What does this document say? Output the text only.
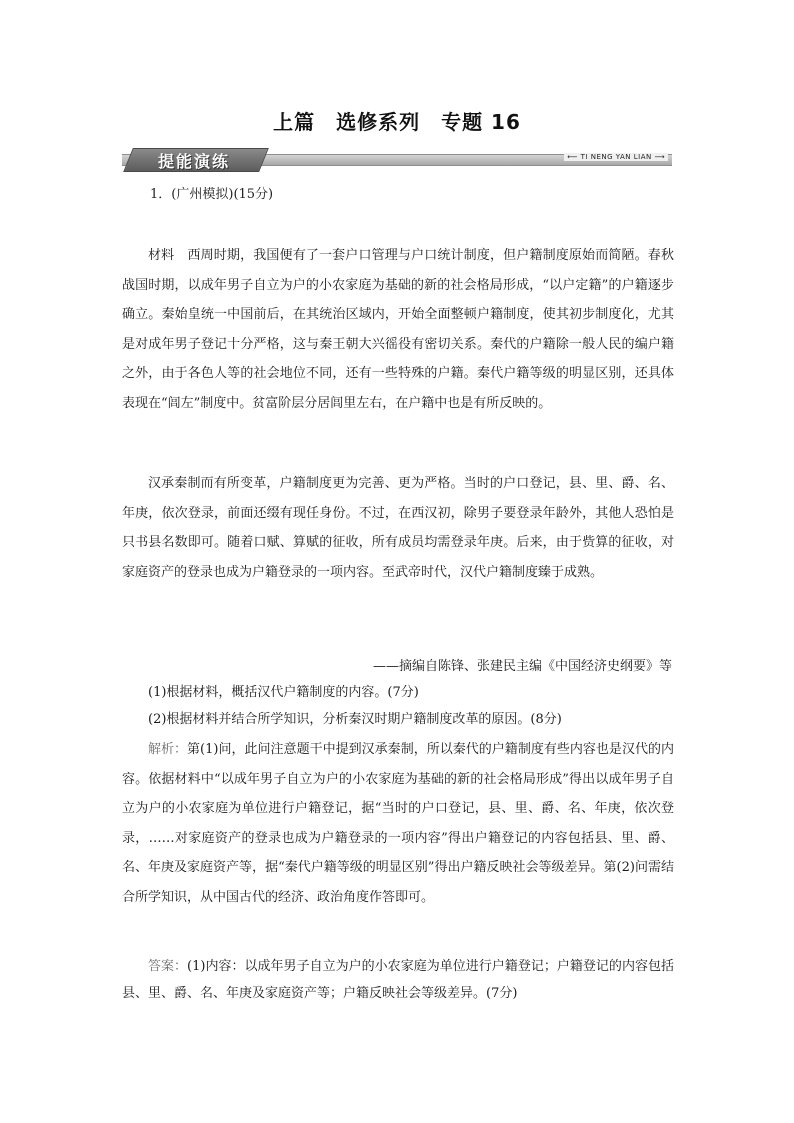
上篇　选修系列　专题 16
提能演练	⟵ TI NENG YAN LIAN ⟶
1．(广州模拟)(15分)
材料　 西周时期，我国便有了一套户口管理与户口统计制度，但户籍制度原始而简陋。春秋战国时期，以成年男子自立为户的小农家庭为基础的新的社会格局形成，“以户定籍”的户籍逐步确立。秦始皇统一中国前后，在其统治区域内，开始全面整顿户籍制度，使其初步制度化，尤其是对成年男子登记十分严格，这与秦王朝大兴徭役有密切关系。秦代的户籍除一般人民的编户籍之外，由于各色人等的社会地位不同，还有一些特殊的户籍。秦代户籍等级的明显区别，还具体表现在“闾左”制度中。贫富阶层分居闾里左右，在户籍中也是有所反映的。
汉承秦制而有所变革，户籍制度更为完善、更为严格。当时的户口登记，县、里、爵、名、年庚，依次登录，前面还缀有现任身份。不过，在西汉初，除男子要登录年龄外，其他人恐怕是只书县名数即可。随着口赋、算赋的征收，所有成员均需登录年庚。后来，由于赀算的征收，对家庭资产的登录也成为户籍登录的一项内容。至武帝时代，汉代户籍制度臻于成熟。
——摘编自陈锋、张建民主编《中国经济史纲要》等
(1)根据材料，概括汉代户籍制度的内容。(7分)
(2)根据材料并结合所学知识，分析秦汉时期户籍制度改革的原因。(8分)
解析：第(1)问，此问注意题干中提到汉承秦制，所以秦代的户籍制度有些内容也是汉代的内容。依据材料中“以成年男子自立为户的小农家庭为基础的新的社会格局形成”得出以成年男子自立为户的小农家庭为单位进行户籍登记，据“当时的户口登记，县、里、爵、名、年庚，依次登录，……对家庭资产的登录也成为户籍登录的一项内容”得出户籍登记的内容包括县、里、爵、名、年庚及家庭资产等，据“秦代户籍等级的明显区别”得出户籍反映社会等级差异。第(2)问需结合所学知识，从中国古代的经济、政治角度作答即可。
答案：(1)内容：以成年男子自立为户的小农家庭为单位进行户籍登记；户籍登记的内容包括县、里、爵、名、年庚及家庭资产等；户籍反映社会等级差异。(7分)
